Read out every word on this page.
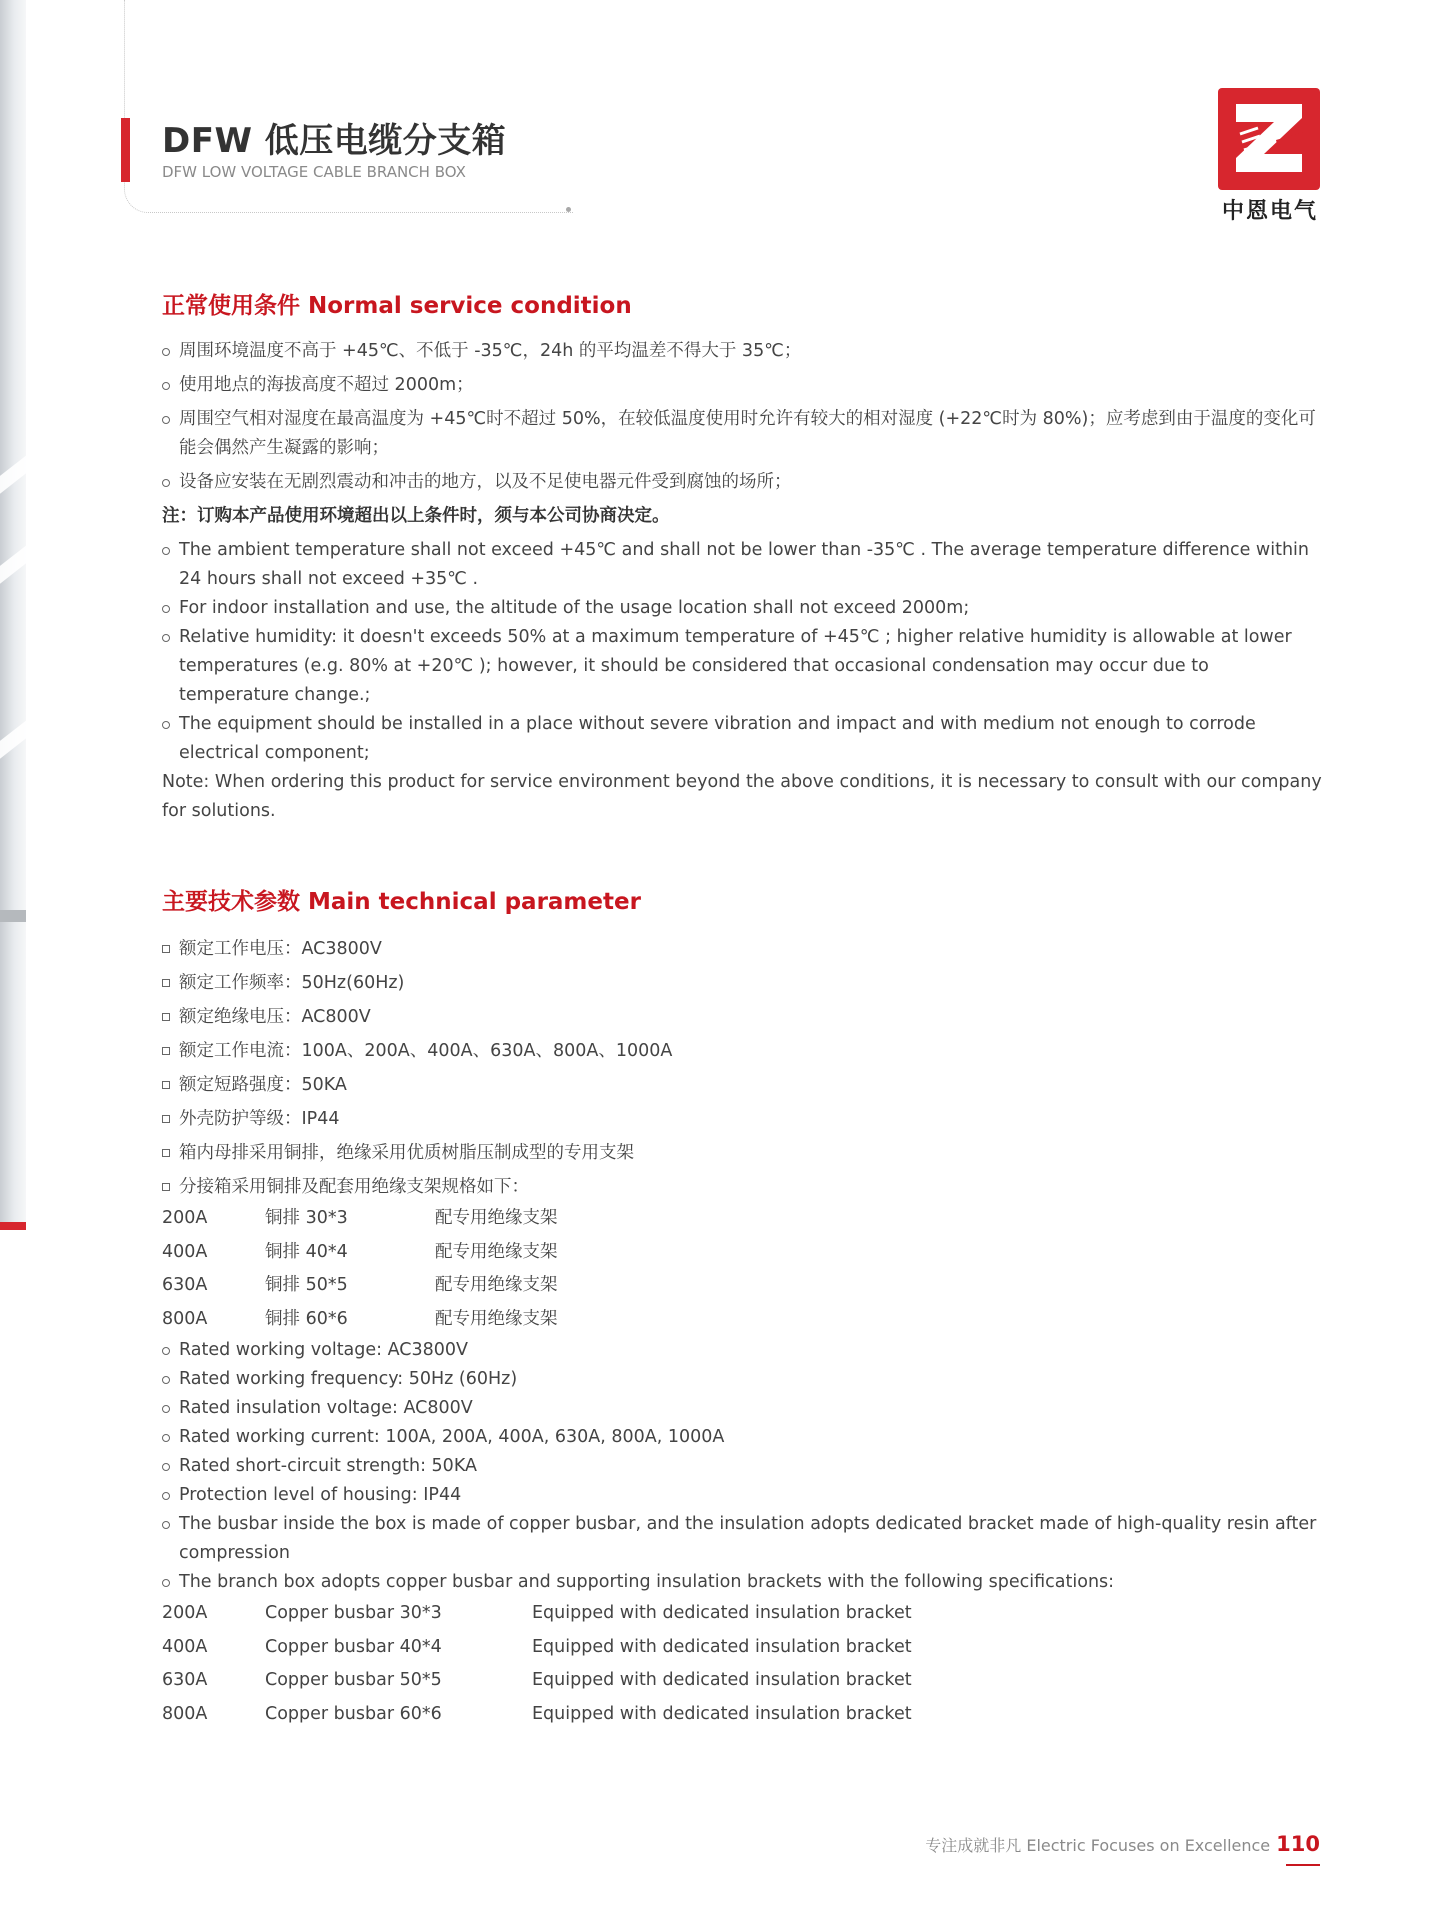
DFW 低压电缆分支箱
DFW LOW VOLTAGE CABLE BRANCH BOX
中恩电气
正常使用条件 Normal service condition
周围环境温度不高于 +45℃、不低于 -35℃，24h 的平均温差不得大于 35℃；
使用地点的海拔高度不超过 2000m；
周围空气相对湿度在最高温度为 +45℃时不超过 50%，在较低温度使用时允许有较大的相对湿度 (+22℃时为 80%)；应考虑到由于温度的变化可能会偶然产生凝露的影响；
设备应安装在无剧烈震动和冲击的地方，以及不足使电器元件受到腐蚀的场所；
注：订购本产品使用环境超出以上条件时，须与本公司协商决定。
The ambient temperature shall not exceed +45℃ and shall not be lower than -35℃ . The average temperature difference within 24 hours shall not exceed +35℃ .
For indoor installation and use, the altitude of the usage location shall not exceed 2000m;
Relative humidity: it doesn't exceeds 50% at a maximum temperature of +45℃ ; higher relative humidity is allowable at lower temperatures (e.g. 80% at +20℃ ); however, it should be considered that occasional condensation may occur due to temperature change.;
The equipment should be installed in a place without severe vibration and impact and with medium not enough to corrode electrical component;
Note: When ordering this product for service environment beyond the above conditions, it is necessary to consult with our company for solutions.
主要技术参数 Main technical parameter
额定工作电压：AC3800V
额定工作频率：50Hz(60Hz)
额定绝缘电压：AC800V
额定工作电流：100A、200A、400A、630A、800A、1000A
额定短路强度：50KA
外壳防护等级：IP44
箱内母排采用铜排，绝缘采用优质树脂压制成型的专用支架
分接箱采用铜排及配套用绝缘支架规格如下：
200A	铜排 30*3	配专用绝缘支架
400A	铜排 40*4	配专用绝缘支架
630A	铜排 50*5	配专用绝缘支架
800A	铜排 60*6	配专用绝缘支架
Rated working voltage: AC3800V
Rated working frequency: 50Hz (60Hz)
Rated insulation voltage: AC800V
Rated working current: 100A, 200A, 400A, 630A, 800A, 1000A
Rated short-circuit strength: 50KA
Protection level of housing: IP44
The busbar inside the box is made of copper busbar, and the insulation adopts dedicated bracket made of high-quality resin after compression
The branch box adopts copper busbar and supporting insulation brackets with the following specifications:
200A	Copper busbar 30*3	Equipped with dedicated insulation bracket
400A	Copper busbar 40*4	Equipped with dedicated insulation bracket
630A	Copper busbar 50*5	Equipped with dedicated insulation bracket
800A	Copper busbar 60*6	Equipped with dedicated insulation bracket
专注成就非凡 Electric Focuses on Excellence 110
